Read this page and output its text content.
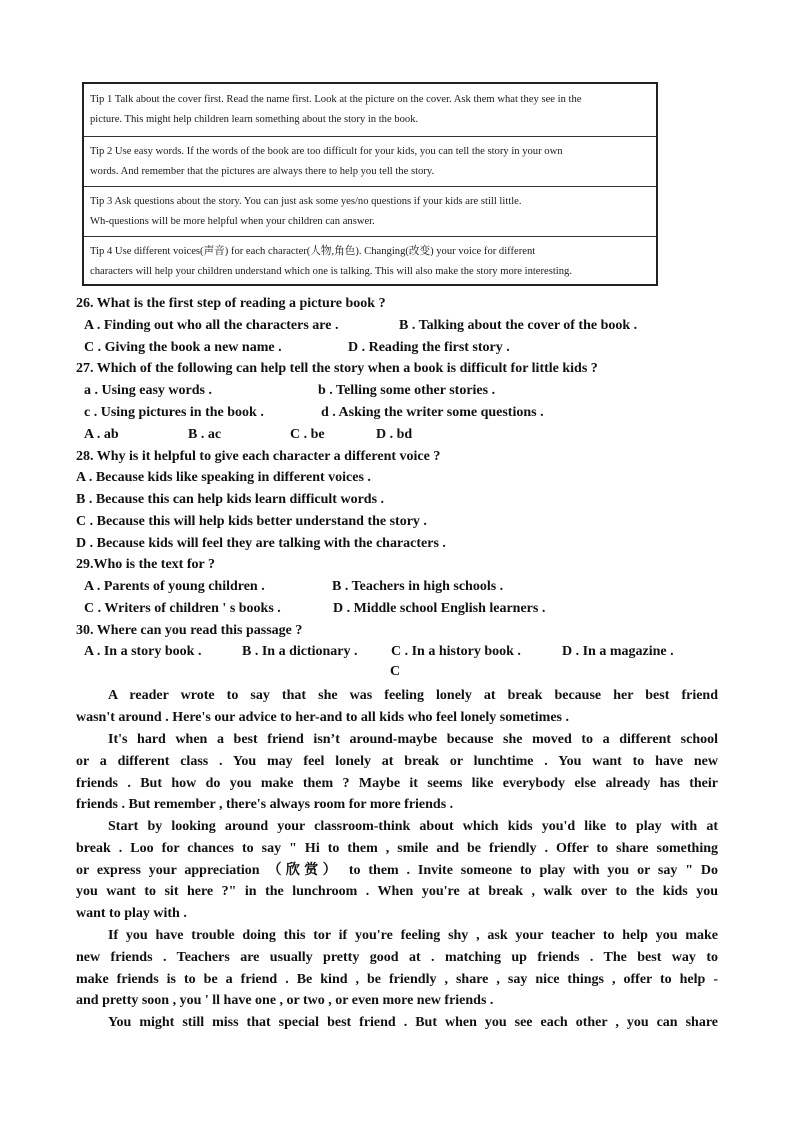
Tip 1 Talk about the cover first. Read the name first. Look at the picture on the cover. Ask them what they see in the
picture. This might help children learn something about the story in the book.
Tip 2 Use easy words. If the words of the book are too difficult for your kids, you can tell the story in your own
words. And remember that the pictures are always there to help you tell the story.
Tip 3 Ask questions about the story. You can just ask some yes/no questions if your kids are still little.
Wh-questions will be more helpful when your children can answer.
Tip 4 Use different voices(声音) for each character(人物,角色). Changing(改变) your voice for different
characters will help your children understand which one is talking. This will also make the story more interesting.
26. What is the first step of reading a picture book ?
A . Finding out who all the characters are .	B . Talking about the cover of the book .
C . Giving the book a new name .	D . Reading the first story .
27. Which of the following can help tell the story when a book is difficult for little kids ?
a . Using easy words .	b . Telling some other stories .
c . Using pictures in the book .	d . Asking the writer some questions .
A . ab	B . ac	C . be	D . bd
28. Why is it helpful to give each character a different voice ?
A . Because kids like speaking in different voices .
B . Because this can help kids learn difficult words .
C . Because this will help kids better understand the story .
D . Because kids will feel they are talking with the characters .
29.Who is the text for ?
A . Parents of young children .	B . Teachers in high schools .
C . Writers of children ' s books .	D . Middle school English learners .
30. Where can you read this passage ?
A . In a story book .	B . In a dictionary . C . In a history book .	D . In a magazine .
C
A reader wrote to say that she was feeling lonely at break because her best friend
wasn't around . Here's our advice to her-and to all kids who feel lonely sometimes .
It's hard when a best friend isn’t around-maybe because she moved to a different school
or a different class . You may feel lonely at break or lunchtime . You want to have new
friends . But how do you make them ? Maybe it seems like everybody else already has their
friends . But remember , there's always room for more friends .
Start by looking around your classroom-think about which kids you'd like to play with at
break . Loo for chances to say " Hi to them , smile and be friendly . Offer to share something
or express your appreciation （欣赏） to them . Invite someone to play with you or say " Do
you want to sit here ?" in the lunchroom . When you're at break , walk over to the kids you
want to play with .
If you have trouble doing this tor if you're feeling shy , ask your teacher to help you make
new friends . Teachers are usually pretty good at . matching up friends . The best way to
make friends is to be a friend . Be kind , be friendly , share , say nice things , offer to help -
and pretty soon , you ' ll have one , or two , or even more new friends .
You might still miss that special best friend . But when you see each other , you can share
